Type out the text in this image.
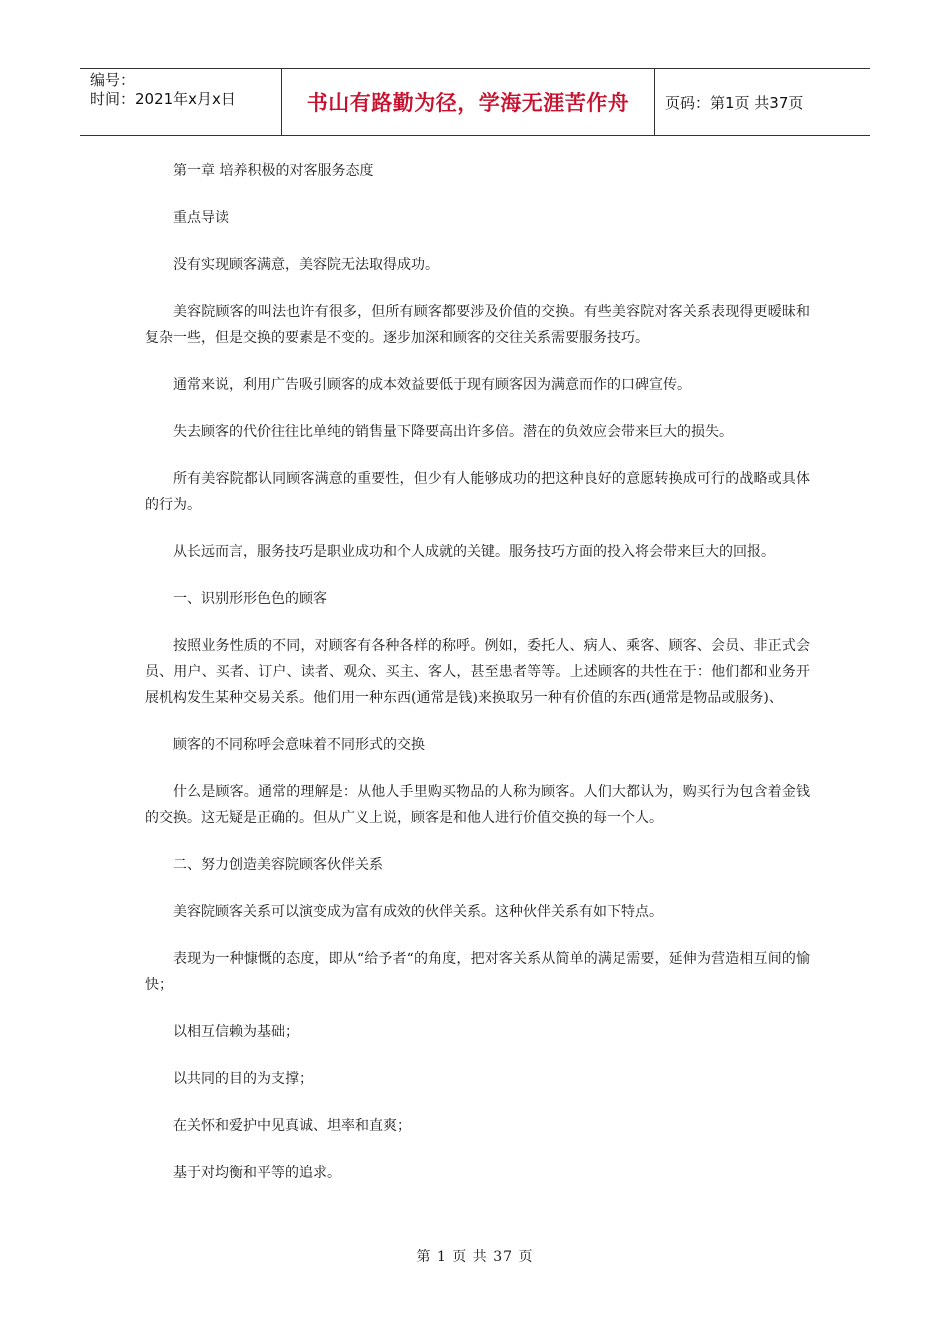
编号：
时间：2021年x月x日	书山有路勤为径，学海无涯苦作舟	页码：第1页 共37页

第一章 培养积极的对客服务态度

重点导读

没有实现顾客满意，美容院无法取得成功。

美容院顾客的叫法也许有很多，但所有顾客都要涉及价值的交换。有些美容院对客关系表现得更暧昧和复杂一些，但是交换的要素是不变的。逐步加深和顾客的交往关系需要服务技巧。

通常来说，利用广告吸引顾客的成本效益要低于现有顾客因为满意而作的口碑宣传。

失去顾客的代价往往比单纯的销售量下降要高出许多倍。潜在的负效应会带来巨大的损失。

所有美容院都认同顾客满意的重要性，但少有人能够成功的把这种良好的意愿转换成可行的战略或具体的行为。

从长远而言，服务技巧是职业成功和个人成就的关键。服务技巧方面的投入将会带来巨大的回报。

一、识别形形色色的顾客

按照业务性质的不同，对顾客有各种各样的称呼。例如，委托人、病人、乘客、顾客、会员、非正式会员、用户、买者、订户、读者、观众、买主、客人，甚至患者等等。上述顾客的共性在于：他们都和业务开展机构发生某种交易关系。他们用一种东西(通常是钱)来换取另一种有价值的东西(通常是物品或服务)、

顾客的不同称呼会意味着不同形式的交换

什么是顾客。通常的理解是：从他人手里购买物品的人称为顾客。人们大都认为，购买行为包含着金钱的交换。这无疑是正确的。但从广义上说，顾客是和他人进行价值交换的每一个人。

二、努力创造美容院顾客伙伴关系

美容院顾客关系可以演变成为富有成效的伙伴关系。这种伙伴关系有如下特点。

表现为一种慷慨的态度，即从“给予者“的角度，把对客关系从简单的满足需要，延伸为营造相互间的愉快；

以相互信赖为基础；

以共同的目的为支撑；

在关怀和爱护中见真诚、坦率和直爽；

基于对均衡和平等的追求。

第 1 页 共 37 页
